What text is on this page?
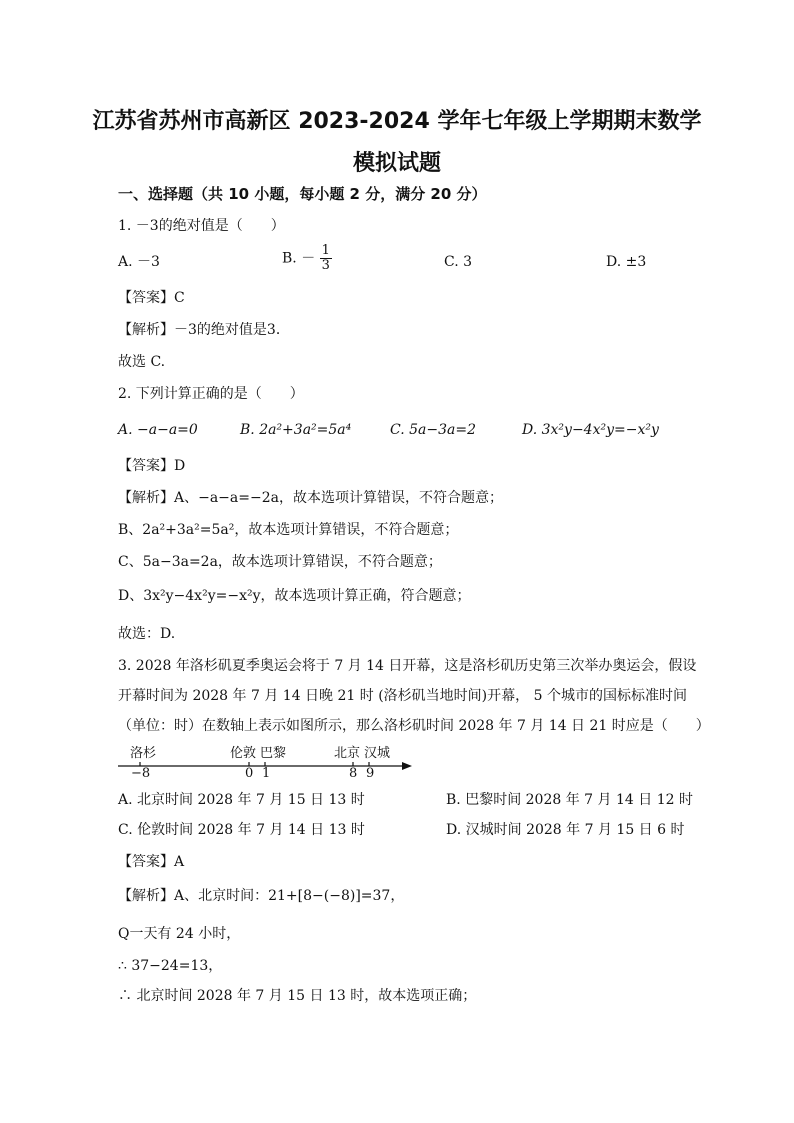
江苏省苏州市高新区 2023-2024 学年七年级上学期期末数学
模拟试题
一、选择题（共 10 小题，每小题 2 分，满分 20 分）
1. －3的绝对值是（　　）
A. －3	B. － $\frac{1}{3}$	C. 3	D. ±3
【答案】C
【解析】－3的绝对值是3．
故选 C.
2. 下列计算正确的是（　　）
A. −a−a=0	B. 2a²+3a²=5a⁴	C. 5a−3a=2	D. 3x²y−4x²y=−x²y
【答案】D
【解析】A、−a−a=−2a，故本选项计算错误，不符合题意；
B、2a²+3a²=5a²，故本选项计算错误，不符合题意；
C、5a−3a=2a，故本选项计算错误，不符合题意；
D、3x²y−4x²y=−x²y，故本选项计算正确，符合题意；
故选：D.
3. 2028 年洛杉矶夏季奥运会将于 7 月 14 日开幕，这是洛杉矶历史第三次举办奥运会，假设
开幕时间为 2028 年 7 月 14 日晚 21 时 (洛杉矶当地时间)开幕， 5 个城市的国标标准时间
（单位：时）在数轴上表示如图所示，那么洛杉矶时间 2028 年 7 月 14 日 21 时应是（　　）
洛杉	伦敦 巴黎	北京 汉城
−8	0 1	8 9
A. 北京时间 2028 年 7 月 15 日 13 时	B. 巴黎时间 2028 年 7 月 14 日 12 时
C. 伦敦时间 2028 年 7 月 14 日 13 时	D. 汉城时间 2028 年 7 月 15 日 6 时
【答案】A
【解析】A、北京时间：21+[8−(−8)]=37，
Q一天有 24 小时，
∴ 37−24=13，
∴ 北京时间 2028 年 7 月 15 日 13 时，故本选项正确；
